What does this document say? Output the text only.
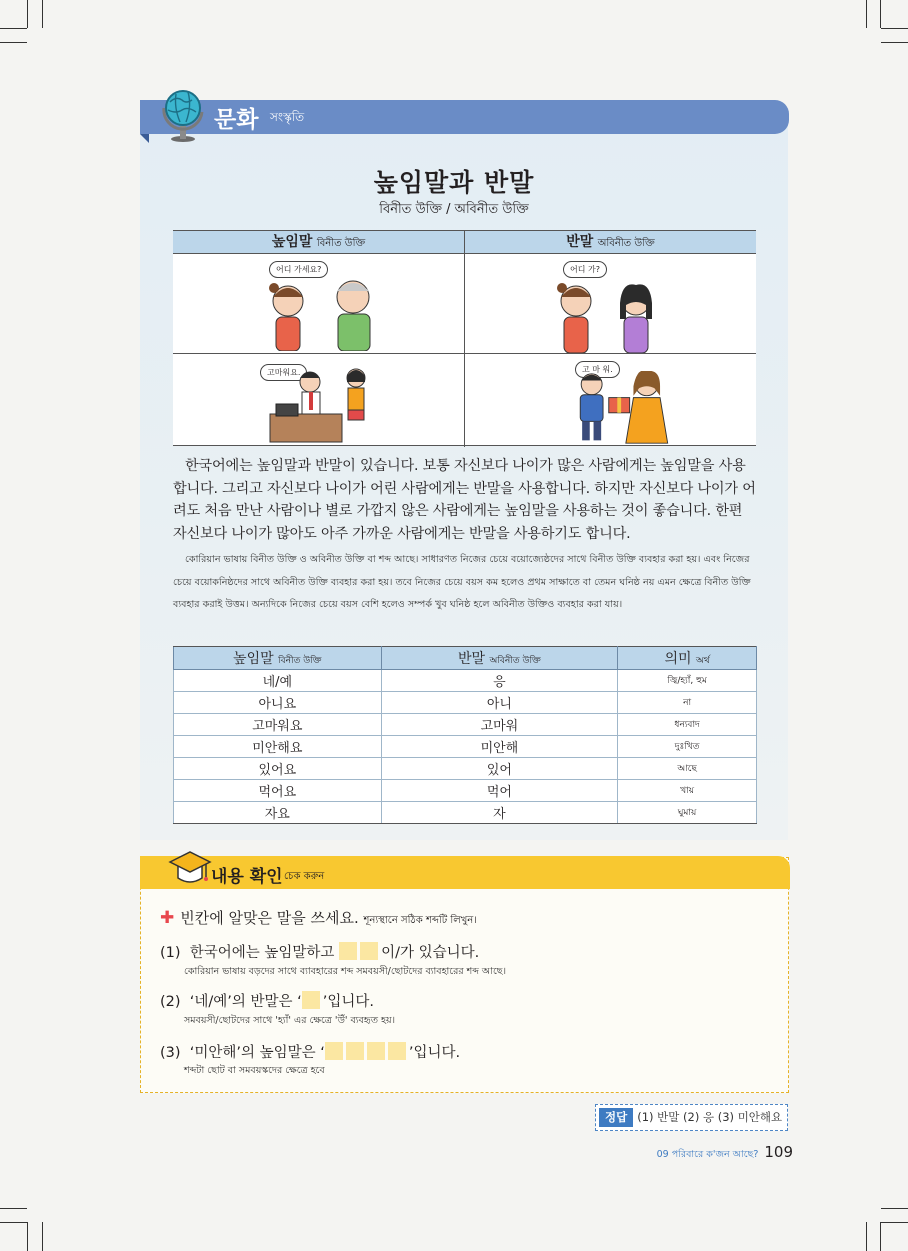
문화 সংস্কৃতি
높임말과 반말
বিনীত উক্তি / অবিনীত উক্তি
높임말 বিনীত উক্তি	반말 অবিনীত উক্তি
어디 가세요?	어디 가?
고마워요.	고 마 워.

한국어에는 높임말과 반말이 있습니다. 보통 자신보다 나이가 많은 사람에게는 높임말을 사용합니다. 그리고 자신보다 나이가 어린 사람에게는 반말을 사용합니다. 하지만 자신보다 나이가 어려도 처음 만난 사람이나 별로 가깝지 않은 사람에게는 높임말을 사용하는 것이 좋습니다. 한편 자신보다 나이가 많아도 아주 가까운 사람에게는 반말을 사용하기도 합니다.

কোরিয়ান ভাষায় বিনীত উক্তি ও অবিনীত উক্তি বা শব্দ আছে। সাধারণত নিজের চেয়ে বয়োজ্যেষ্ঠদের সাথে বিনীত উক্তি ব্যবহার করা হয়। এবং নিজের চেয়ে বয়োকনিষ্ঠদের সাথে অবিনীত উক্তি ব্যবহার করা হয়। তবে নিজের চেয়ে বয়স কম হলেও প্রথম সাক্ষাতে বা তেমন ঘনিষ্ঠ নয় এমন ক্ষেত্রে বিনীত উক্তি ব্যবহার করাই উত্তম। অন্যদিকে নিজের চেয়ে বয়স বেশি হলেও সম্পর্ক খুব ঘনিষ্ঠ হলে অবিনীত উক্তিও ব্যবহার করা যায়।

높임말 বিনীত উক্তি	반말 অবিনীত উক্তি	의미 অর্থ
네/예	응	জ্বি/হ্যাঁ, হুম
아니요	아니	না
고마워요	고마워	ধন্যবাদ
미안해요	미안해	দুঃখিত
있어요	있어	আছে
먹어요	먹어	খায়
자요	자	ঘুমায়
내용 확인 চেক করুন
✚ 빈칸에 알맞은 말을 쓰세요. শূন্যস্থানে সঠিক শব্দটি লিখুন।
(1) 한국어에는 높임말하고	이/가 있습니다.
কোরিয়ান ভাষায় বড়দের সাথে ব্যাবহারের শব্দ সমবয়সী/ছোটদের ব্যাবহারের শব্দ আছে।
(2) ‘네/예’의 반말은 ‘ ’입니다.
সমবয়সী/ছোটদের সাথে 'হ্যাঁ' এর ক্ষেত্রে 'উঁ' ব্যবহৃত হয়।
(3) ‘미안해’의 높임말은 ‘	’입니다.
শব্দটা ছোট বা সমবয়স্কদের ক্ষেত্রে হবে
정답 (1) 반말 (2) 응 (3) 미안해요
09 পরিবারে ক'জন আছে? 109
